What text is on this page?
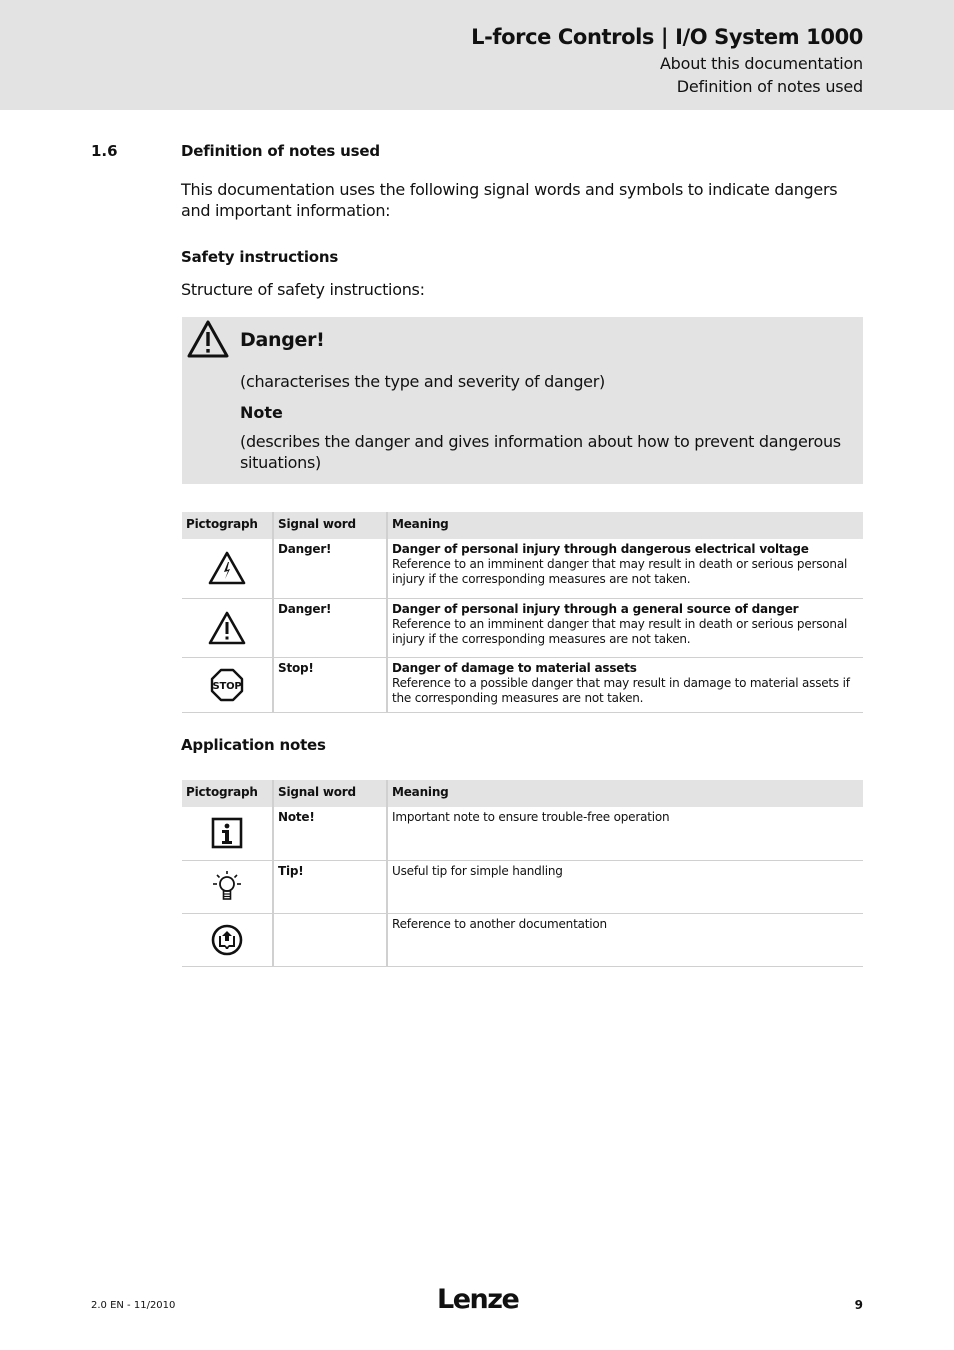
L-force Controls | I/O System 1000
About this documentation
Definition of notes used
1.6	Definition of notes used
This documentation uses the following signal words and symbols to indicate dangers and important information:
Safety instructions
Structure of safety instructions:
Danger!
(characterises the type and severity of danger)
Note
(describes the danger and gives information about how to prevent dangerous situations)
Pictograph	Signal word	Meaning

	Danger!	Danger of personal injury through dangerous electrical voltage
Reference to an imminent danger that may result in death or serious personal injury if the corresponding measures are not taken.

	Danger!	Danger of personal injury through a general source of danger
Reference to an imminent danger that may result in death or serious personal injury if the corresponding measures are not taken.

STOP	Stop!	Danger of damage to material assets
Reference to a possible danger that may result in damage to material assets if the corresponding measures are not taken.
Application notes
Pictograph	Signal word	Meaning

	Note!	Important note to ensure trouble-free operation

	Tip!	Useful tip for simple handling

		Reference to another documentation
2.0 EN - 11/2010	Lenze	9
